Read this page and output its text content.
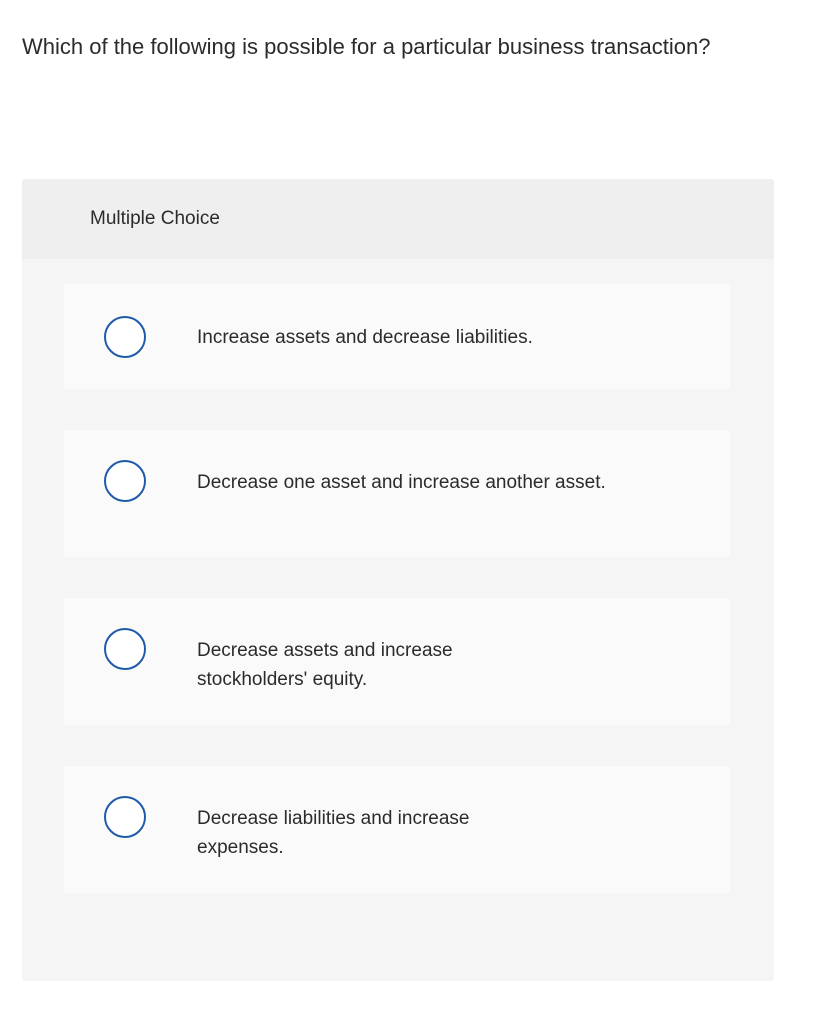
Which of the following is possible for a particular business transaction?

Multiple Choice
Increase assets and decrease liabilities.
Decrease one asset and increase another asset.
Decrease assets and increase stockholders' equity.
Decrease liabilities and increase expenses.
